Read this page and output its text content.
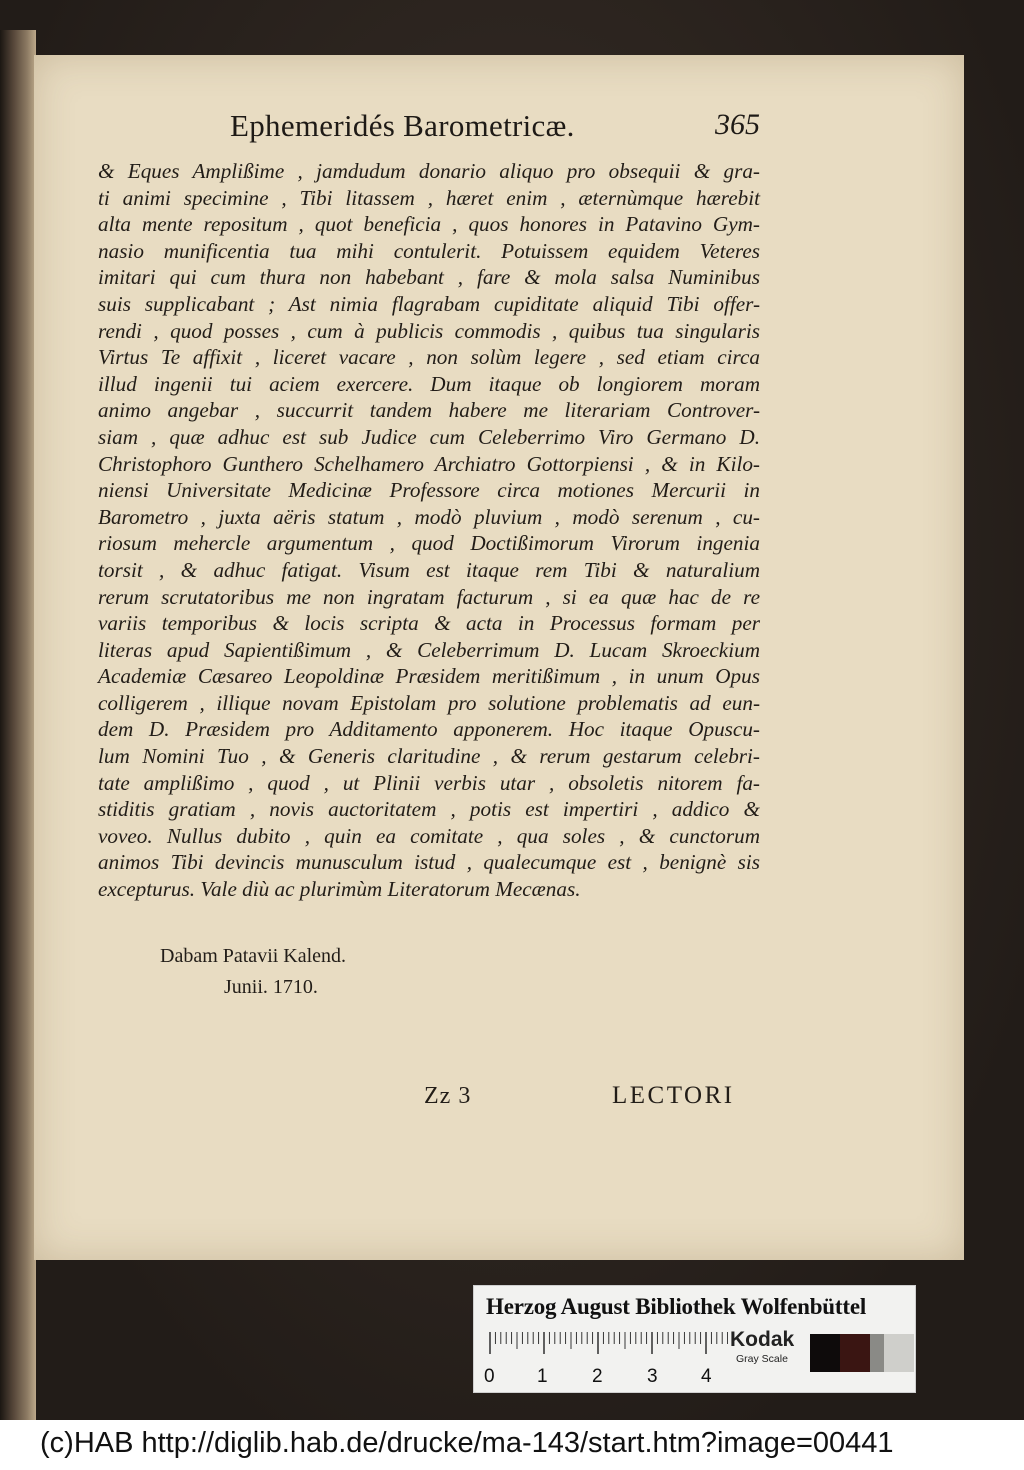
Ephemeridés Barometricæ.	365
& Eques Amplißime , jamdudum donario aliquo pro obsequii & gra-
ti animi specimine , Tibi litassem , hæret enim , æternùmque hærebit
alta mente repositum , quot beneficia , quos honores in Patavino Gym-
nasio munificentia tua mihi contulerit. Potuissem equidem Veteres
imitari qui cum thura non habebant , fare & mola salsa Numinibus
suis supplicabant ; Ast nimia flagrabam cupiditate aliquid Tibi offer-
rendi , quod posses , cum à publicis commodis , quibus tua singularis
Virtus Te affixit , liceret vacare , non solùm legere , sed etiam circa
illud ingenii tui aciem exercere. Dum itaque ob longiorem moram
animo angebar , succurrit tandem habere me literariam Controver-
siam , quæ adhuc est sub Judice cum Celeberrimo Viro Germano D.
Christophoro Gunthero Schelhamero Archiatro Gottorpiensi , & in Kilo-
niensi Universitate Medicinæ Professore circa motiones Mercurii in
Barometro , juxta aëris statum , modò pluvium , modò serenum , cu-
riosum mehercle argumentum , quod Doctißimorum Virorum ingenia
torsit , & adhuc fatigat. Visum est itaque rem Tibi & naturalium
rerum scrutatoribus me non ingratam facturum , si ea quæ hac de re
variis temporibus & locis scripta & acta in Processus formam per
literas apud Sapientißimum , & Celeberrimum D. Lucam Skroeckium
Academiæ Cæsareo Leopoldinæ Præsidem meritißimum , in unum Opus
colligerem , illique novam Epistolam pro solutione problematis ad eun-
dem D. Præsidem pro Additamento apponerem. Hoc itaque Opuscu-
lum Nomini Tuo , & Generis claritudine , & rerum gestarum celebri-
tate amplißimo , quod , ut Plinii verbis utar , obsoletis nitorem fa-
stiditis gratiam , novis auctoritatem , potis est impertiri , addico &
voveo. Nullus dubito , quin ea comitate , qua soles , & cunctorum
animos Tibi devincis munusculum istud , qualecumque est , benignè sis
excepturus. Vale diù ac plurimùm Literatorum Mecænas.
Dabam Patavii Kalend.
Junii. 1710.
Zz 3	LECTORI
Herzog August Bibliothek Wolfenbüttel
0 1 2 3 4
Kodak
Gray Scale
(c)HAB http://diglib.hab.de/drucke/ma-143/start.htm?image=00441
